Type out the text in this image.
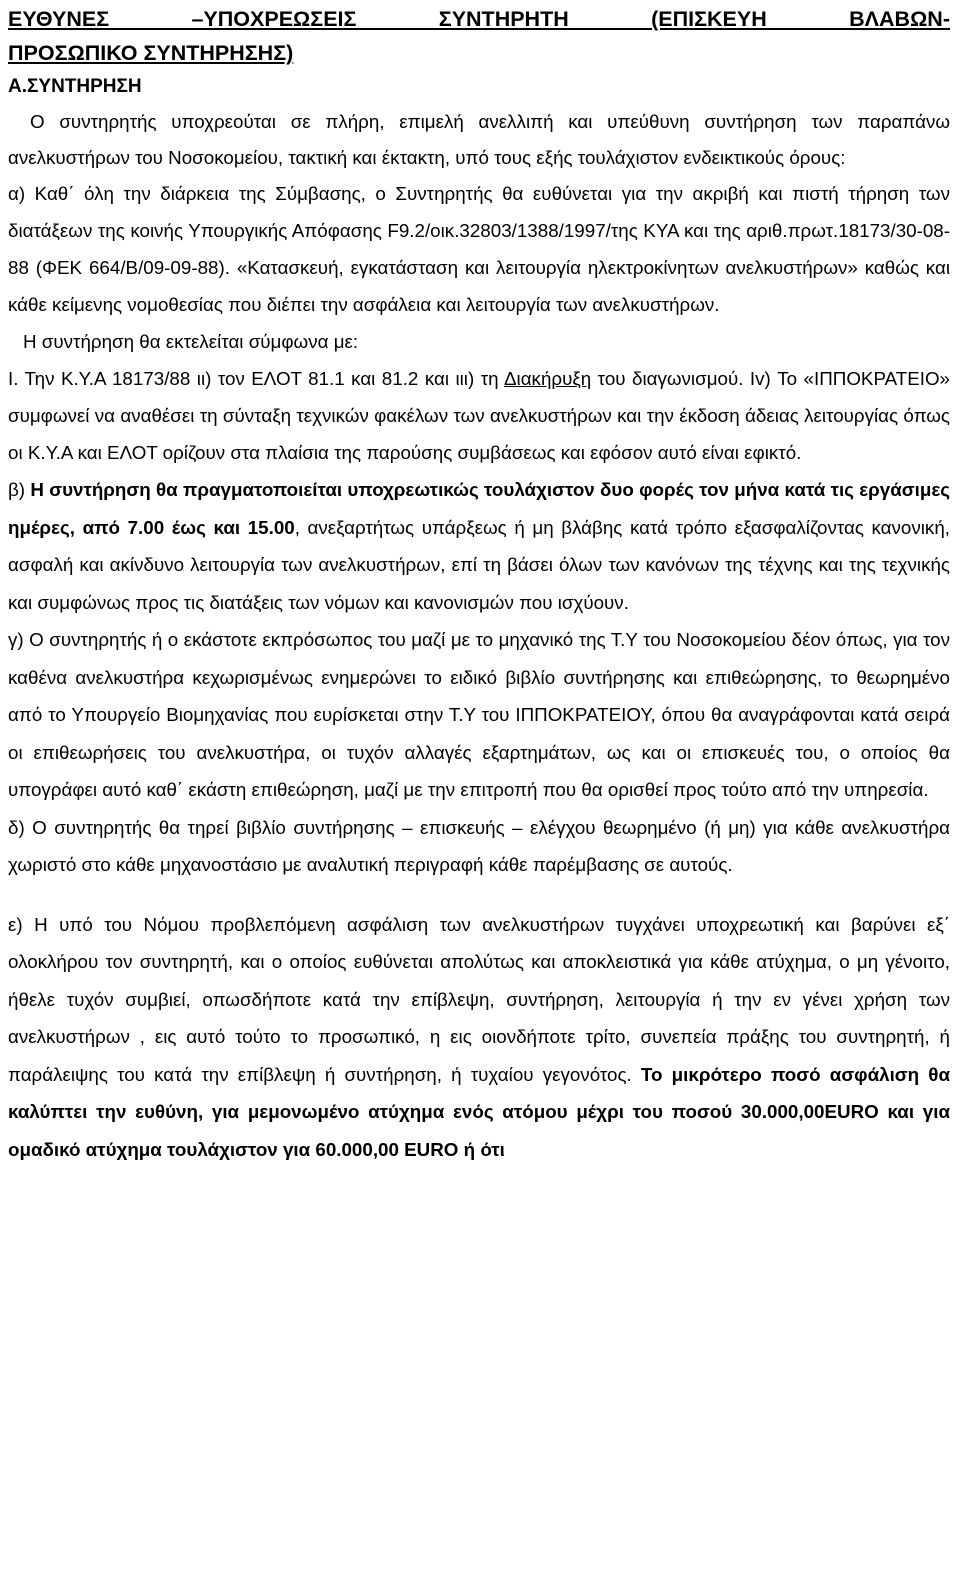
ΕΥΘΥΝΕΣ –ΥΠΟΧΡΕΩΣΕΙΣ ΣΥΝΤΗΡΗΤΗ (ΕΠΙΣΚΕΥΗ ΒΛΑΒΩΝ-

ΠΡΟΣΩΠΙΚΟ ΣΥΝΤΗΡΗΣΗΣ)

Α.ΣΥΝΤΗΡΗΣΗ

Ο συντηρητής υποχρεούται σε πλήρη, επιμελή ανελλιπή και υπεύθυνη συντήρηση των παραπάνω ανελκυστήρων του Νοσοκομείου, τακτική και έκτακτη, υπό τους εξής τουλάχιστον ενδεικτικούς όρους:

α) Καθ΄ όλη την διάρκεια της Σύμβασης, ο Συντηρητής θα ευθύνεται για την ακριβή και πιστή τήρηση των διατάξεων της κοινής Υπουργικής Απόφασης F9.2/οικ.32803/1388/1997/της ΚΥΑ και της αριθ.πρωτ.18173/30-08-88 (ΦΕΚ 664/Β/09-09-88). «Κατασκευή, εγκατάσταση και λειτουργία ηλεκτροκίνητων ανελκυστήρων» καθώς και κάθε κείμενης νομοθεσίας που διέπει την ασφάλεια και λειτουργία των ανελκυστήρων.

Η συντήρηση θα εκτελείται σύμφωνα με:

Ι. Την Κ.Υ.Α 18173/88 ιι) τον ΕΛΟΤ 81.1 και 81.2 και ιιι) τη Διακήρυξη του διαγωνισμού. Ιv) Το «ΙΠΠΟΚΡΑΤΕΙΟ» συμφωνεί να αναθέσει τη σύνταξη τεχνικών φακέλων των ανελκυστήρων και την έκδοση άδειας λειτουργίας όπως οι Κ.Υ.Α και ΕΛΟΤ ορίζουν στα πλαίσια της παρούσης συμβάσεως και εφόσον αυτό είναι εφικτό.

β) Η συντήρηση θα πραγματοποιείται υποχρεωτικώς τουλάχιστον δυο φορές τον μήνα κατά τις εργάσιμες ημέρες, από 7.00 έως και 15.00, ανεξαρτήτως υπάρξεως ή μη βλάβης κατά τρόπο εξασφαλίζοντας κανονική, ασφαλή και ακίνδυνο λειτουργία των ανελκυστήρων, επί τη βάσει όλων των κανόνων της τέχνης και της τεχνικής και συμφώνως προς τις διατάξεις των νόμων και κανονισμών που ισχύουν.

γ) Ο συντηρητής ή ο εκάστοτε εκπρόσωπος του μαζί με το μηχανικό της Τ.Υ του Νοσοκομείου δέον όπως, για τον καθένα ανελκυστήρα κεχωρισμένως ενημερώνει το ειδικό βιβλίο συντήρησης και επιθεώρησης, το θεωρημένο από το Υπουργείο Βιομηχανίας που ευρίσκεται στην Τ.Υ του ΙΠΠΟΚΡΑΤΕΙΟΥ, όπου θα αναγράφονται κατά σειρά οι επιθεωρήσεις του ανελκυστήρα, οι τυχόν αλλαγές εξαρτημάτων, ως και οι επισκευές του, ο οποίος θα υπογράφει αυτό καθ΄ εκάστη επιθεώρηση, μαζί με την επιτροπή που θα ορισθεί προς τούτο από την υπηρεσία.

δ) Ο συντηρητής θα τηρεί βιβλίο συντήρησης – επισκευής – ελέγχου θεωρημένο (ή μη) για κάθε ανελκυστήρα χωριστό στο κάθε μηχανοστάσιο με αναλυτική περιγραφή κάθε παρέμβασης σε αυτούς.

ε) Η υπό του Νόμου προβλεπόμενη ασφάλιση των ανελκυστήρων τυγχάνει υποχρεωτική και βαρύνει εξ΄ ολοκλήρου τον συντηρητή, και ο οποίος ευθύνεται απολύτως και αποκλειστικά για κάθε ατύχημα, ο μη γένοιτο, ήθελε τυχόν συμβιεί, οπωσδήποτε κατά την επίβλεψη, συντήρηση, λειτουργία ή την εν γένει χρήση των ανελκυστήρων , εις αυτό τούτο το προσωπικό, η εις οιονδήποτε τρίτο, συνεπεία πράξης του συντηρητή, ή παράλειψης του κατά την επίβλεψη ή συντήρηση, ή τυχαίου γεγονότος. Το μικρότερο ποσό ασφάλιση θα καλύπτει την ευθύνη, για μεμονωμένο ατύχημα ενός ατόμου μέχρι του ποσού 30.000,00EURO και για ομαδικό ατύχημα τουλάχιστον για 60.000,00 EURO ή ότι
